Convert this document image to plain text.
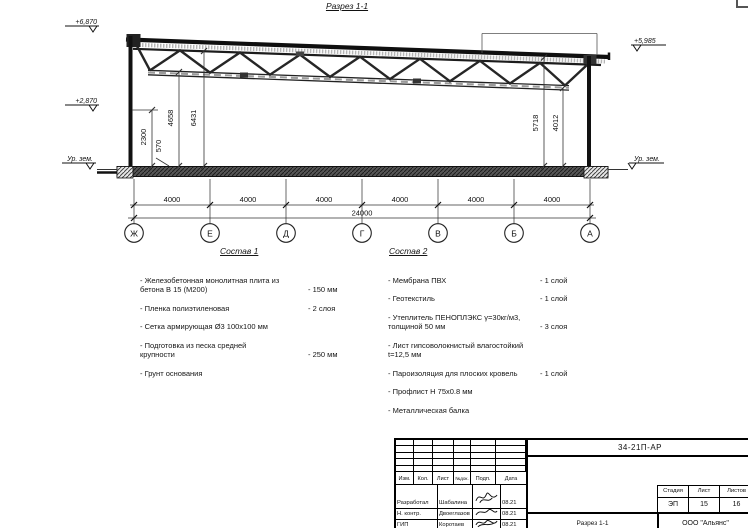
Разрез 1-1
+6,870
+2,870
Ур. зем.
+5,985
Ур. зем.
2300
570
4658 6431	5718 4012
4000	4000	4000	4000	4000	4000
24000
Ж	Е	Д	Г	В	Б	А
Состав 1
- Железобетонная монолитная плита из бетона В 15 (М200)	- 150 мм
- Пленка полиэтиленовая	- 2 слоя
- Сетка армирующая Ø3 100х100 мм
- Подготовка из песка средней крупности	- 250 мм
- Грунт основания
Состав 2
- Мембрана ПВХ	- 1 слой
- Геотекстиль	- 1 слой
- Утеплитель ПЕНОПЛЭКС γ=30кг/м3, толщиной 50 мм	- 3 слоя
- Лист гипсоволокнистый влагостойкий t=12,5 мм
- Пароизоляция для плоских кровель	- 1 слой
- Профлист Н 75х0.8 мм
- Металлическая балка
Изм.	Кол.	Лист	№док.	Подп.	Дата
Разработал	Шабалина	08.21
Н. контр.	Двоеглазов	08.21
ГИП	Коротаев	08.21
34-21П-АР
Стадия	Лист	Листов
ЭП	15	16
Разрез 1-1	ООО "Альянс"
